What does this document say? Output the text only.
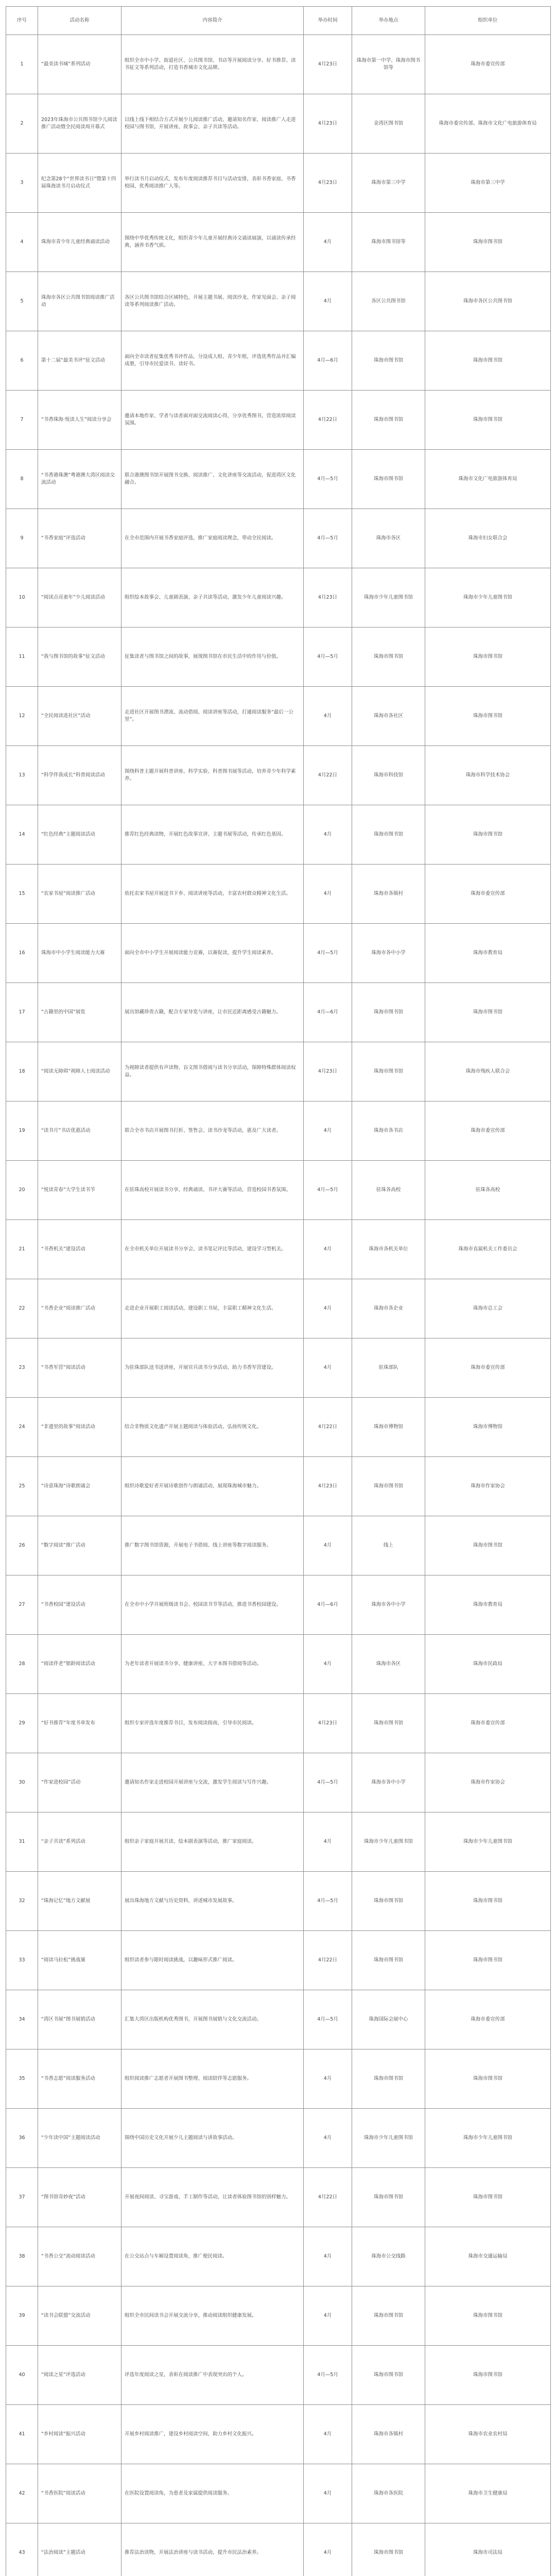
序号	活动名称	内容简介	举办时间	举办地点	组织单位
1	“最美读书城”系列活动	组织全市中小学、街道社区、公共图书馆、书店等开展阅读分享、好书推荐、读书征文等系列活动，打造书香城市文化品牌。	4月23日	珠海市第一中学、珠海市图书馆等	珠海市委宣传部
2	2023年珠海市公共图书馆少儿阅读推广活动暨全民阅读周开幕式	以线上线下相结合方式开展少儿阅读推广活动，邀请知名作家、阅读推广人走进校园与图书馆，开展讲座、故事会、亲子共读等活动。	4月23日	金湾区图书馆	珠海市委宣传部、珠海市文化广电旅游体育局
3	纪念第28个“世界读书日”暨第十四届珠海读书月启动仪式	举行读书月启动仪式，发布年度阅读推荐书目与活动安排，表彰书香家庭、书香校园、优秀阅读推广人等。	4月23日	珠海市第三中学	珠海市第三中学
4	珠海市青少年儿童经典诵读活动	围绕中华优秀传统文化，组织青少年儿童开展经典诗文诵读展演，以诵读传承经典，涵养书香气质。	4月	珠海市图书馆等	珠海市图书馆
5	珠海市各区公共图书馆阅读推广活动	各区公共图书馆结合区域特色，开展主题书展、阅读沙龙、作家见面会、亲子阅读等系列阅读推广活动。	4月	各区公共图书馆	珠海市各区公共图书馆
6	第十二届“最美书评”征文活动	面向全市读者征集优秀书评作品，分设成人组、青少年组，评选优秀作品并汇编成册，引导市民爱读书、读好书。	4月—6月	珠海市图书馆	珠海市图书馆
7	“书香珠海·悦读人生”阅读分享会	邀请本地作家、学者与读者面对面交流阅读心得，分享优秀图书，营造浓厚阅读氛围。	4月22日	珠海市图书馆	珠海市图书馆
8	“书香港珠澳”粤港澳大湾区阅读交流活动	联合港澳图书馆开展图书交换、阅读推广、文化讲座等交流活动，促进湾区文化融合。	4月—5月	珠海市图书馆	珠海市文化广电旅游体育局
9	“书香家庭”评选活动	在全市范围内开展书香家庭评选，推广家庭阅读理念，带动全民阅读。	4月—5月	珠海市各区	珠海市妇女联合会
10	“阅读点亮童年”少儿阅读活动	组织绘本故事会、儿童剧表演、亲子共读等活动，激发少年儿童阅读兴趣。	4月23日	珠海市少年儿童图书馆	珠海市少年儿童图书馆
11	“我与图书馆的故事”征文活动	征集读者与图书馆之间的故事，展现图书馆在市民生活中的作用与价值。	4月—5月	珠海市图书馆	珠海市图书馆
12	“全民阅读进社区”活动	走进社区开展图书漂流、流动借阅、阅读讲座等活动，打通阅读服务“最后一公里”。	4月	珠海市各社区	珠海市图书馆
13	“科学伴我成长”科普阅读活动	围绕科普主题开展科普讲座、科学实验、科普图书展等活动，培养青少年科学素养。	4月22日	珠海市科技馆	珠海市科学技术协会
14	“红色经典”主题阅读活动	推荐红色经典读物，开展红色故事宣讲、主题书展等活动，传承红色基因。	4月	珠海市图书馆	珠海市图书馆
15	“农家书屋”阅读推广活动	依托农家书屋开展送书下乡、阅读讲座等活动，丰富农村群众精神文化生活。	4月	珠海市各镇村	珠海市委宣传部
16	珠海市中小学生阅读能力大赛	面向全市中小学生开展阅读能力竞赛，以赛促读，提升学生阅读素养。	4月—5月	珠海市各中小学	珠海市教育局
17	“古籍里的中国”展览	展出馆藏珍贵古籍，配合专家导览与讲座，让市民近距离感受古籍魅力。	4月—6月	珠海市图书馆	珠海市图书馆
18	“阅读无障碍”视障人士阅读活动	为视障读者提供有声读物、盲文图书借阅与读书分享活动，保障特殊群体阅读权益。	4月23日	珠海市图书馆	珠海市残疾人联合会
19	“读书月”书店优惠活动	联合全市书店开展图书打折、签售会、读书沙龙等活动，惠及广大读者。	4月	珠海市各书店	珠海市委宣传部
20	“悦读青春”大学生读书节	在驻珠高校开展读书分享、经典诵读、书评大赛等活动，营造校园书香氛围。	4月—5月	驻珠各高校	驻珠各高校
21	“书香机关”建设活动	在全市机关单位开展读书分享会、读书笔记评比等活动，建设学习型机关。	4月	珠海市各机关单位	珠海市直属机关工作委员会
22	“书香企业”阅读推广活动	走进企业开展职工阅读活动，建设职工书屋，丰富职工精神文化生活。	4月	珠海市各企业	珠海市总工会
23	“书香军营”阅读活动	为驻珠部队送书送讲座，开展官兵读书分享活动，助力书香军营建设。	4月	驻珠部队	珠海市委宣传部
24	“非遗里的故事”阅读活动	结合非物质文化遗产开展主题阅读与体验活动，弘扬传统文化。	4月22日	珠海市博物馆	珠海市博物馆
25	“诗意珠海”诗歌朗诵会	组织诗歌爱好者开展诗歌创作与朗诵活动，展现珠海城市魅力。	4月23日	珠海市图书馆	珠海市作家协会
26	“数字阅读”推广活动	推广数字图书馆资源，开展电子书借阅、线上讲座等数字阅读服务。	4月	线上	珠海市图书馆
27	“书香校园”建设活动	在全市中小学开展班级读书会、校园读书节等活动，推进书香校园建设。	4月—6月	珠海市各中小学	珠海市教育局
28	“阅读伴老”银龄阅读活动	为老年读者开展读书分享、健康讲座、大字本图书借阅等活动。	4月	珠海市各区	珠海市民政局
29	“好书推荐”年度书单发布	组织专家评选年度推荐书目，发布阅读指南，引导市民阅读。	4月23日	珠海市图书馆	珠海市委宣传部
30	“作家进校园”活动	邀请知名作家走进校园开展讲座与交流，激发学生阅读与写作兴趣。	4月—5月	珠海市各中小学	珠海市作家协会
31	“亲子共读”系列活动	组织亲子家庭开展共读、绘本剧表演等活动，推广家庭阅读。	4月	珠海市少年儿童图书馆	珠海市少年儿童图书馆
32	“珠海记忆”地方文献展	展出珠海地方文献与历史资料，讲述城市发展故事。	4月—5月	珠海市图书馆	珠海市图书馆
33	“阅读马拉松”挑战赛	组织读者参与限时阅读挑战，以趣味形式推广阅读。	4月22日	珠海市图书馆	珠海市图书馆
34	“湾区书展”图书展销活动	汇集大湾区出版机构优秀图书，开展图书展销与文化交流活动。	4月—5月	珠海国际会展中心	珠海市委宣传部
35	“书香志愿”阅读服务活动	组织阅读推广志愿者开展图书整理、阅读陪伴等志愿服务。	4月	珠海市图书馆	珠海市图书馆
36	“少年读中国”主题阅读活动	围绕中国历史文化开展少儿主题阅读与讲故事活动。	4月	珠海市少年儿童图书馆	珠海市少年儿童图书馆
37	“图书馆奇妙夜”活动	开展夜间阅读、寻宝游戏、手工制作等活动，让读者体验图书馆的别样魅力。	4月22日	珠海市图书馆	珠海市图书馆
38	“书香公交”流动阅读活动	在公交站点与车厢设置阅读角，推广便民阅读。	4月	珠海市公交线路	珠海市交通运输局
39	“读书会联盟”交流活动	组织全市民间读书会开展交流分享，推动阅读组织健康发展。	4月	珠海市图书馆	珠海市图书馆
40	“阅读之星”评选活动	评选年度阅读之星，表彰在阅读推广中表现突出的个人。	4月—5月	珠海市图书馆	珠海市图书馆
41	“乡村阅读”振兴活动	开展乡村阅读推广，建设乡村阅读空间，助力乡村文化振兴。	4月	珠海市各镇村	珠海市农业农村局
42	“书香医院”阅读活动	在医院设置阅读角，为患者及家属提供阅读服务。	4月	珠海市各医院	珠海市卫生健康局
43	“法治阅读”主题活动	推荐法治读物，开展法治讲座与读书活动，提升市民法治素养。	4月	珠海市图书馆	珠海市司法局
